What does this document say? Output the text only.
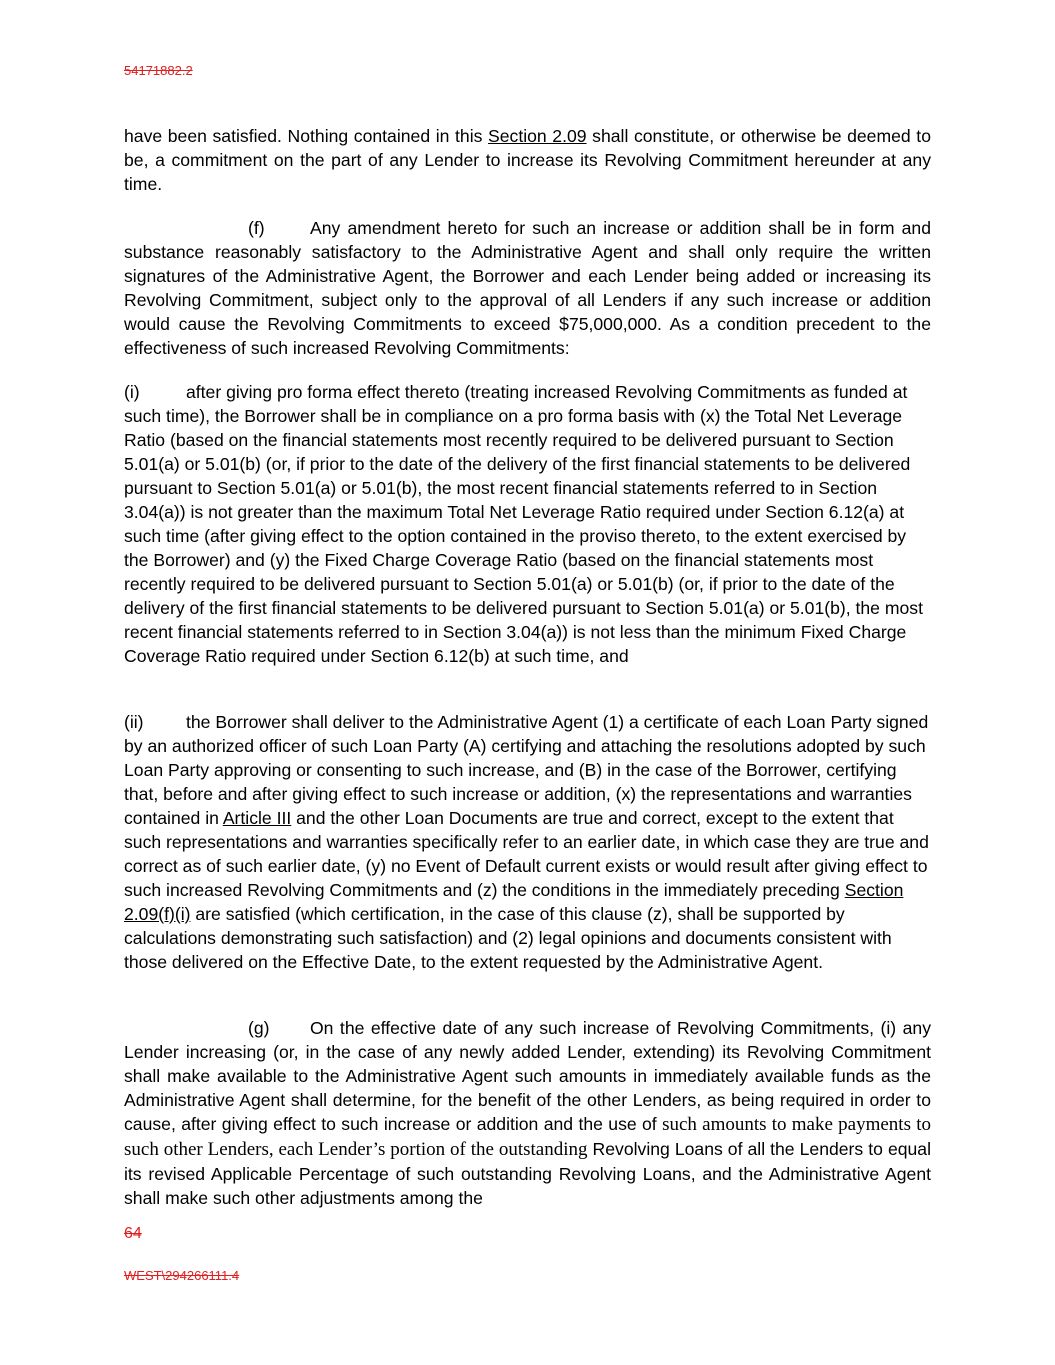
54171882.2

have been satisfied. Nothing contained in this Section 2.09 shall constitute, or otherwise be deemed to be, a commitment on the part of any Lender to increase its Revolving Commitment hereunder at any time.

(f)	Any amendment hereto for such an increase or addition shall be in form and substance reasonably satisfactory to the Administrative Agent and shall only require the written signatures of the Administrative Agent, the Borrower and each Lender being added or increasing its Revolving Commitment, subject only to the approval of all Lenders if any such increase or addition would cause the Revolving Commitments to exceed $75,000,000. As a condition precedent to the effectiveness of such increased Revolving Commitments:

(i)	after giving pro forma effect thereto (treating increased Revolving Commitments as funded at such time), the Borrower shall be in compliance on a pro forma basis with (x) the Total Net Leverage Ratio (based on the financial statements most recently required to be delivered pursuant to Section 5.01(a) or 5.01(b) (or, if prior to the date of the delivery of the first financial statements to be delivered pursuant to Section 5.01(a) or 5.01(b), the most recent financial statements referred to in Section 3.04(a)) is not greater than the maximum Total Net Leverage Ratio required under Section 6.12(a) at such time (after giving effect to the option contained in the proviso thereto, to the extent exercised by the Borrower) and (y) the Fixed Charge Coverage Ratio (based on the financial statements most recently required to be delivered pursuant to Section 5.01(a) or 5.01(b) (or, if prior to the date of the delivery of the first financial statements to be delivered pursuant to Section 5.01(a) or 5.01(b), the most recent financial statements referred to in Section 3.04(a)) is not less than the minimum Fixed Charge Coverage Ratio required under Section 6.12(b) at such time, and

(ii) the Borrower shall deliver to the Administrative Agent (1) a certificate of each Loan Party signed by an authorized officer of such Loan Party (A) certifying and attaching the resolutions adopted by such Loan Party approving or consenting to such increase, and (B) in the case of the Borrower, certifying that, before and after giving effect to such increase or addition, (x) the representations and warranties contained in Article III and the other Loan Documents are true and correct, except to the extent that such representations and warranties specifically refer to an earlier date, in which case they are true and correct as of such earlier date, (y) no Event of Default current exists or would result after giving effect to such increased Revolving Commitments and (z) the conditions in the immediately preceding Section 2.09(f)(i) are satisfied (which certification, in the case of this clause (z), shall be supported by calculations demonstrating such satisfaction) and (2) legal opinions and documents consistent with those delivered on the Effective Date, to the extent requested by the Administrative Agent.

(g) On the effective date of any such increase of Revolving Commitments, (i) any Lender increasing (or, in the case of any newly added Lender, extending) its Revolving Commitment shall make available to the Administrative Agent such amounts in immediately available funds as the Administrative Agent shall determine, for the benefit of the other Lenders, as being required in order to cause, after giving effect to such increase or addition and the use of such amounts to make payments to such other Lenders, each Lender’s portion of the outstanding Revolving Loans of all the Lenders to equal its revised Applicable Percentage of such outstanding Revolving Loans, and the Administrative Agent shall make such other adjustments among the

64
WEST\294266111.4
